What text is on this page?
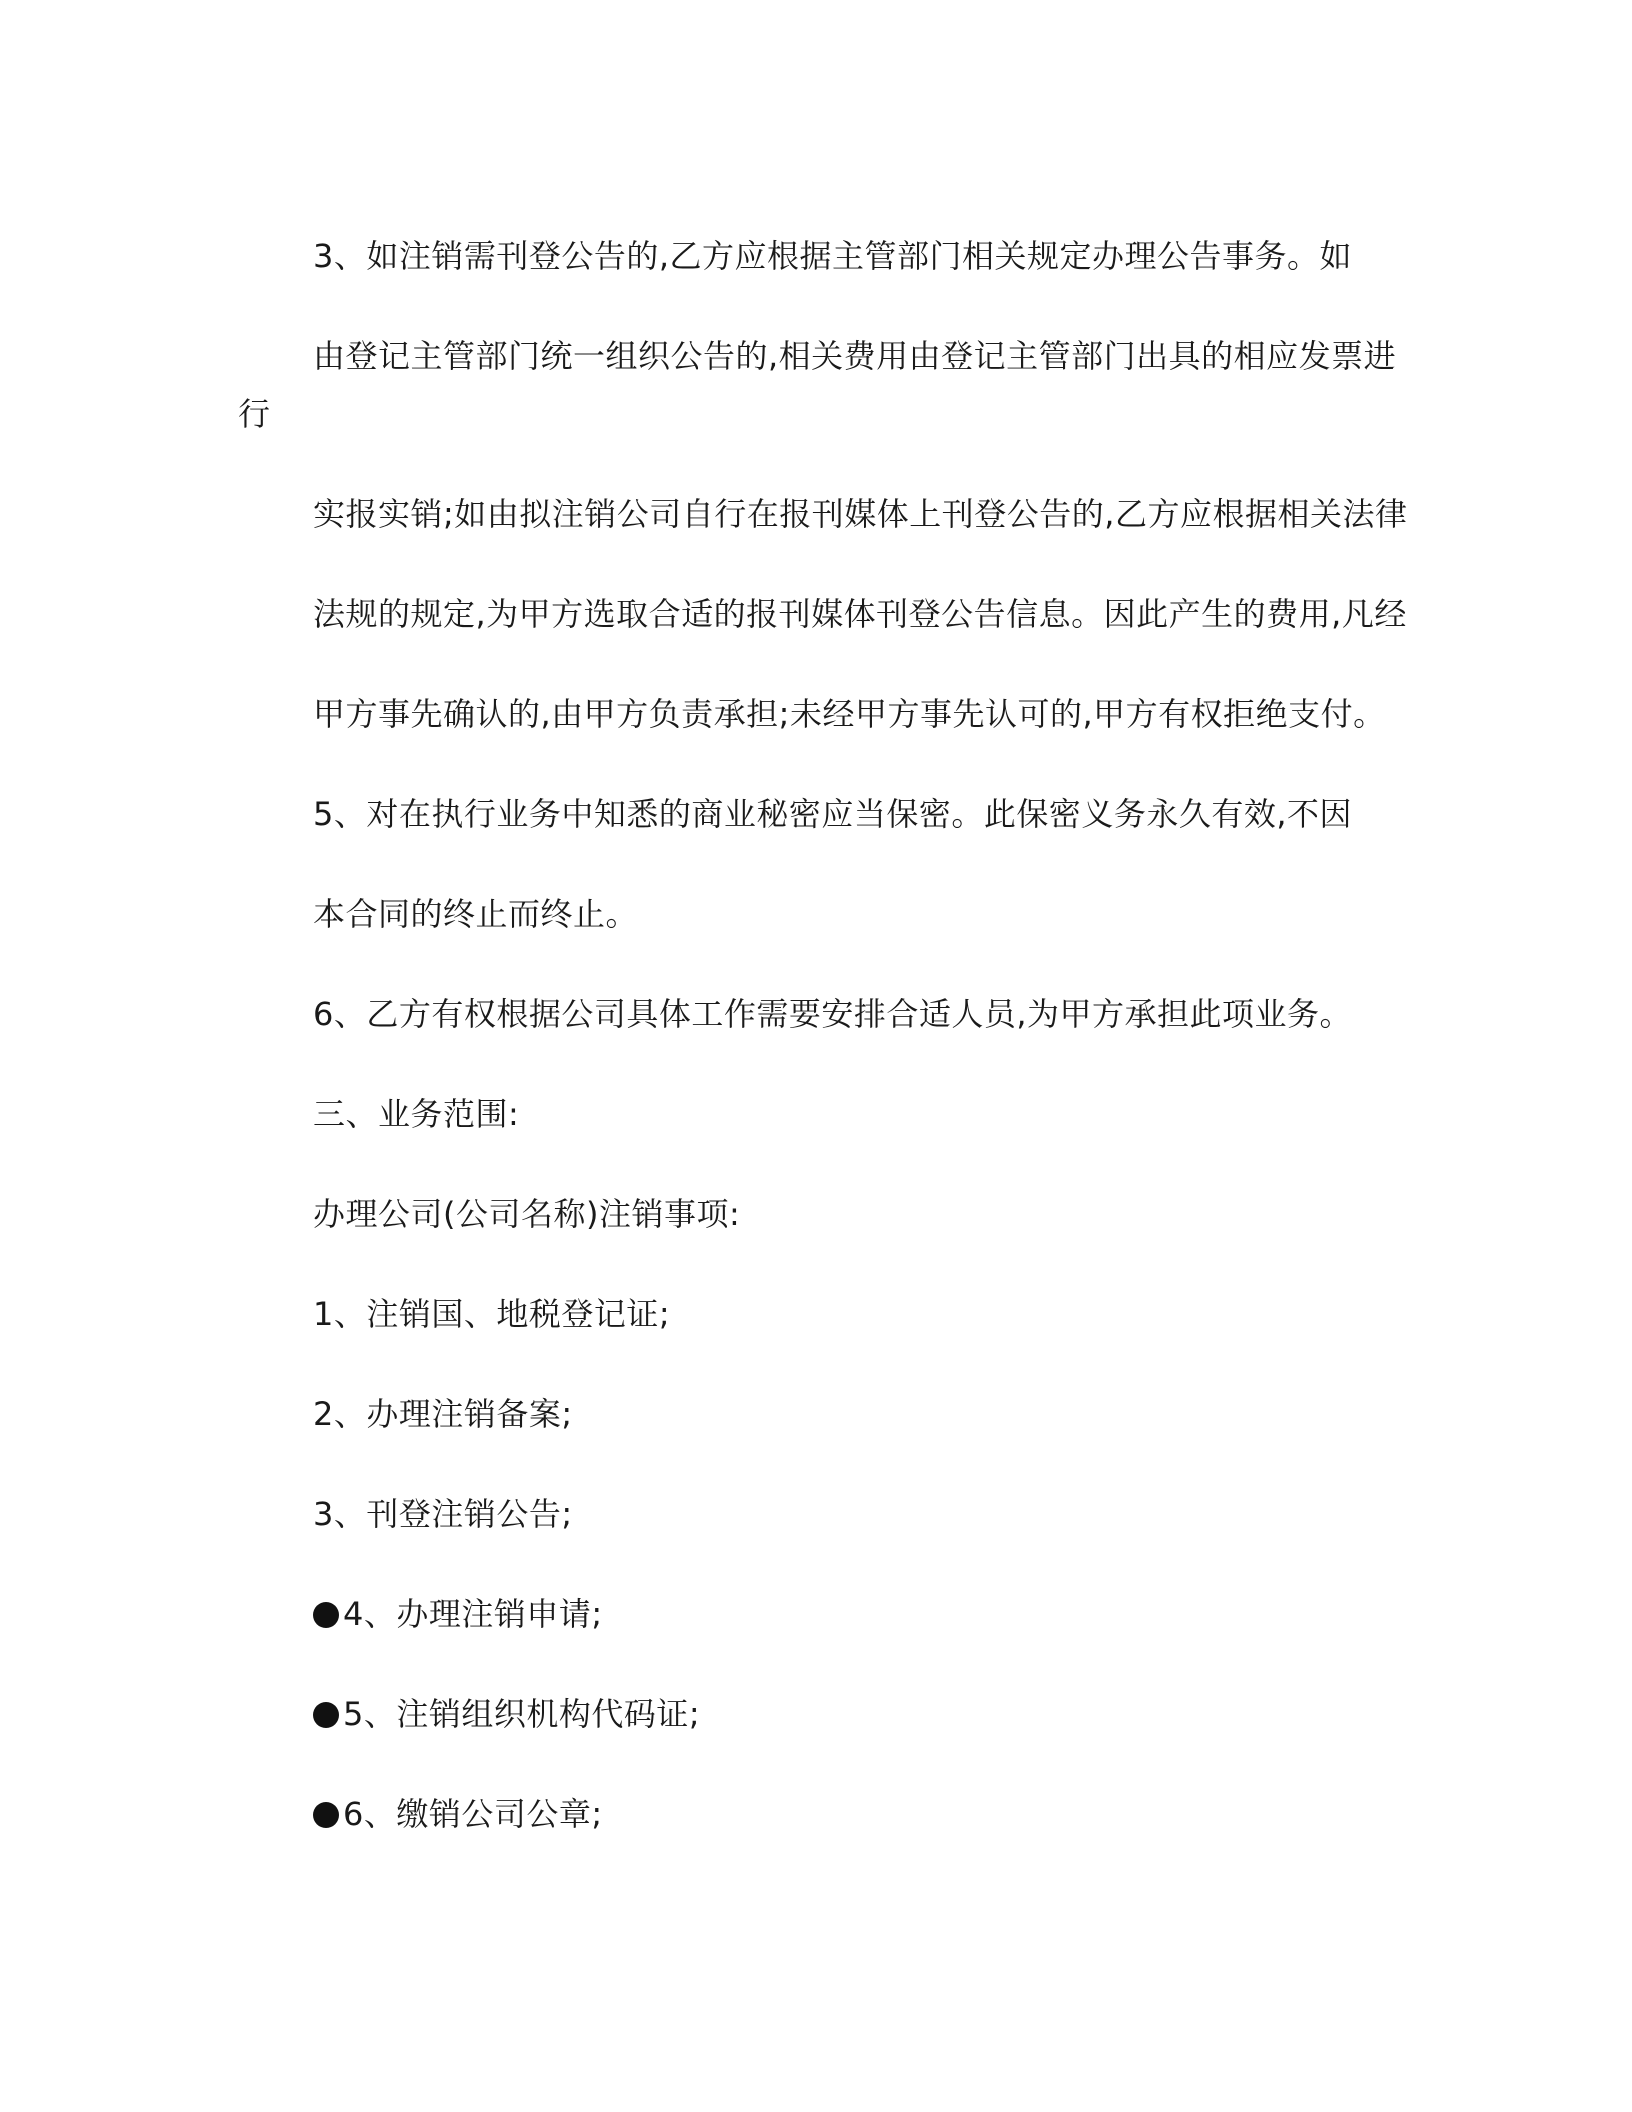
3、如注销需刊登公告的,乙方应根据主管部门相关规定办理公告事务。如
由登记主管部门统一组织公告的,相关费用由登记主管部门出具的相应发票进
行
实报实销;如由拟注销公司自行在报刊媒体上刊登公告的,乙方应根据相关法律
法规的规定,为甲方选取合适的报刊媒体刊登公告信息。因此产生的费用,凡经
甲方事先确认的,由甲方负责承担;未经甲方事先认可的,甲方有权拒绝支付。
5、对在执行业务中知悉的商业秘密应当保密。此保密义务永久有效,不因
本合同的终止而终止。
6、乙方有权根据公司具体工作需要安排合适人员,为甲方承担此项业务。
三、业务范围:
办理公司(公司名称)注销事项:
1、注销国、地税登记证;
2、办理注销备案;
3、刊登注销公告;
4、办理注销申请;
5、注销组织机构代码证;
6、缴销公司公章;
